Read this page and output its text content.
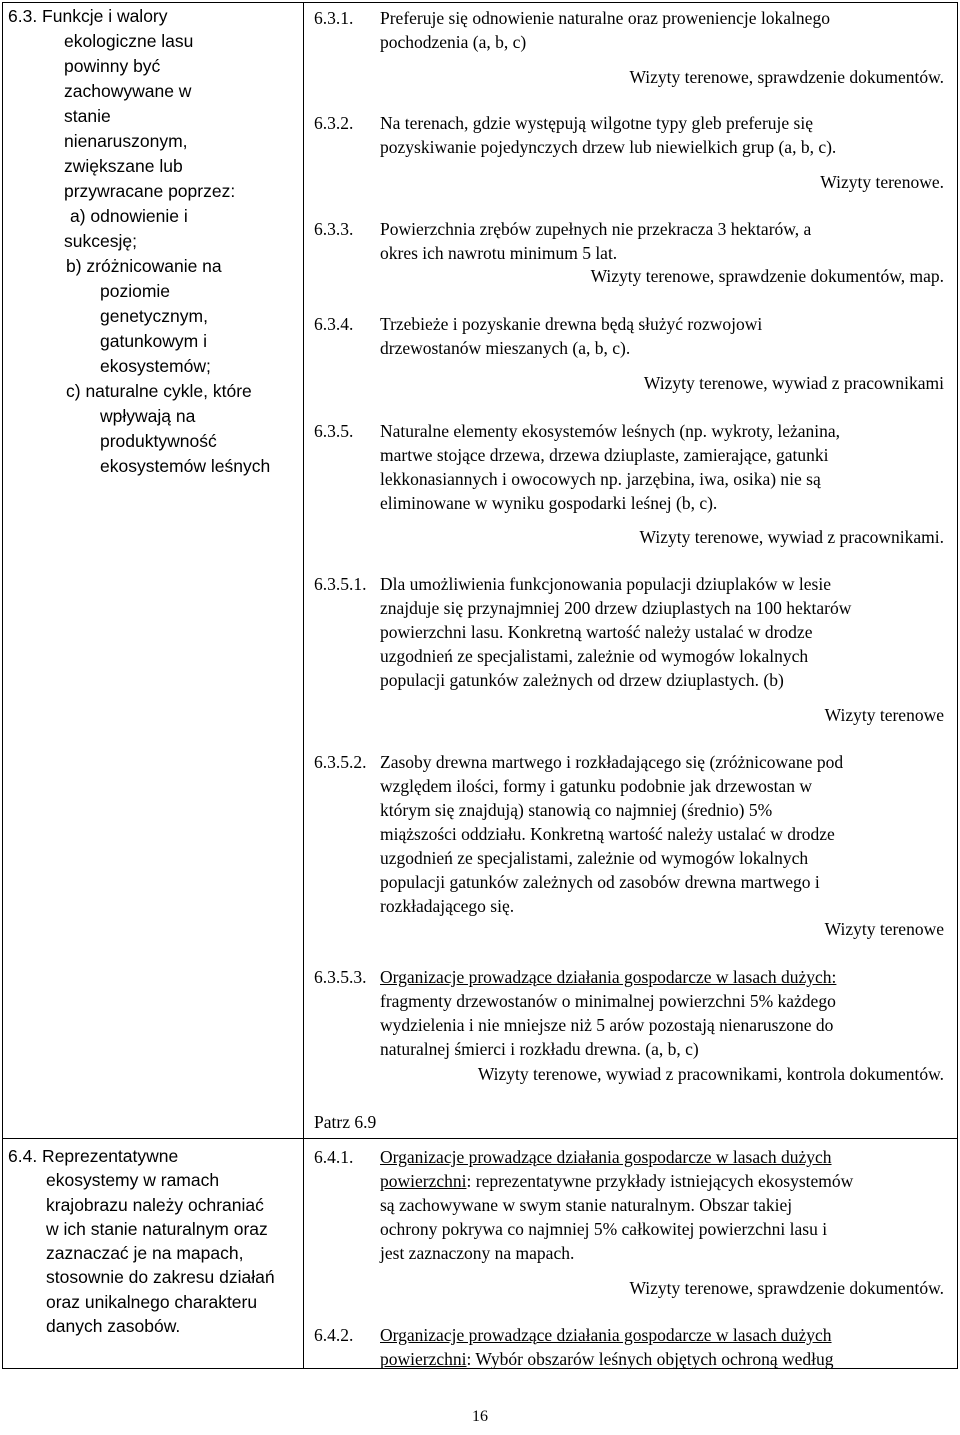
6.3. Funkcje i walory
ekologiczne lasu
powinny być
zachowywane w
stanie
nienaruszonym,
zwiększane lub
przywracane poprzez:
a) odnowienie i
sukcesję;
b) zróżnicowanie na
poziomie
genetycznym,
gatunkowym i
ekosystemów;
c) naturalne cykle, które
wpływają na
produktywność
ekosystemów leśnych
6.4. Reprezentatywne
ekosystemy w ramach
krajobrazu należy ochraniać
w ich stanie naturalnym oraz
zaznaczać je na mapach,
stosownie do zakresu działań
oraz unikalnego charakteru
danych zasobów.
6.3.1. Preferuje się odnowienie naturalne oraz proweniencje lokalnego
pochodzenia (a, b, c)
Wizyty terenowe, sprawdzenie dokumentów.
6.3.2. Na terenach, gdzie występują wilgotne typy gleb preferuje się
pozyskiwanie pojedynczych drzew lub niewielkich grup (a, b, c).
Wizyty terenowe.
6.3.3. Powierzchnia zrębów zupełnych nie przekracza 3 hektarów, a
okres ich nawrotu minimum 5 lat.
Wizyty terenowe, sprawdzenie dokumentów, map.
6.3.4. Trzebieże i pozyskanie drewna będą służyć rozwojowi
drzewostanów mieszanych (a, b, c).
Wizyty terenowe, wywiad z pracownikami
6.3.5. Naturalne elementy ekosystemów leśnych (np. wykroty, leżanina,
martwe stojące drzewa, drzewa dziuplaste, zamierające, gatunki
lekkonasiannych i owocowych np. jarzębina, iwa, osika) nie są
eliminowane w wyniku gospodarki leśnej (b, c).
Wizyty terenowe, wywiad z pracownikami.
6.3.5.1. Dla umożliwienia funkcjonowania populacji dziuplaków w lesie
znajduje się przynajmniej 200 drzew dziuplastych na 100 hektarów
powierzchni lasu. Konkretną wartość należy ustalać w drodze
uzgodnień ze specjalistami, zależnie od wymogów lokalnych
populacji gatunków zależnych od drzew dziuplastych. (b)
Wizyty terenowe
6.3.5.2. Zasoby drewna martwego i rozkładającego się (zróżnicowane pod
względem ilości, formy i gatunku podobnie jak drzewostan w
którym się znajdują) stanowią co najmniej (średnio) 5%
miąższości oddziału. Konkretną wartość należy ustalać w drodze
uzgodnień ze specjalistami, zależnie od wymogów lokalnych
populacji gatunków zależnych od zasobów drewna martwego i
rozkładającego się.
Wizyty terenowe
6.3.5.3. Organizacje prowadzące działania gospodarcze w lasach dużych:
fragmenty drzewostanów o minimalnej powierzchni 5% każdego
wydzielenia i nie mniejsze niż 5 arów pozostają nienaruszone do
naturalnej śmierci i rozkładu drewna. (a, b, c)
Wizyty terenowe, wywiad z pracownikami, kontrola dokumentów.
Patrz 6.9
6.4.1. Organizacje prowadzące działania gospodarcze w lasach dużych
powierzchni: reprezentatywne przykłady istniejących ekosystemów
są zachowywane w swym stanie naturalnym. Obszar takiej
ochrony pokrywa co najmniej 5% całkowitej powierzchni lasu i
jest zaznaczony na mapach.
Wizyty terenowe, sprawdzenie dokumentów.
6.4.2. Organizacje prowadzące działania gospodarcze w lasach dużych
powierzchni: Wybór obszarów leśnych objętych ochroną według
16
